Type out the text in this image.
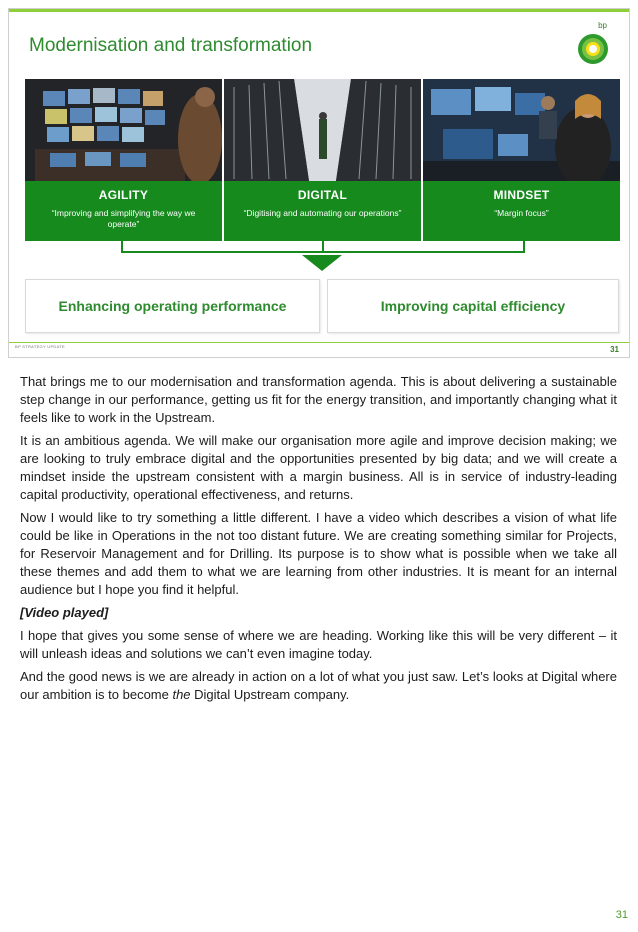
Modernisation and transformation
bp
AGILITY
“Improving and simplifying the way we operate”
DIGITAL
“Digitising and automating our operations”
MINDSET
“Margin focus”
Enhancing operating performance	Improving capital efficiency
BP STRATEGY UPDATE	31

That brings me to our modernisation and transformation agenda. This is about delivering a sustainable step change in our performance, getting us fit for the energy transition, and importantly changing what it feels like to work in the Upstream.

It is an ambitious agenda. We will make our organisation more agile and improve decision making; we are looking to truly embrace digital and the opportunities presented by big data; and we will create a mindset inside the upstream consistent with a margin business. All is in service of industry-leading capital productivity, operational effectiveness, and returns.

Now I would like to try something a little different. I have a video which describes a vision of what life could be like in Operations in the not too distant future. We are creating something similar for Projects, for Reservoir Management and for Drilling. Its purpose is to show what is possible when we take all these themes and add them to what we are learning from other industries. It is meant for an internal audience but I hope you find it helpful.

[Video played]

I hope that gives you some sense of where we are heading. Working like this will be very different – it will unleash ideas and solutions we can’t even imagine today.

And the good news is we are already in action on a lot of what you just saw. Let’s looks at Digital where our ambition is to become the Digital Upstream company.

31
